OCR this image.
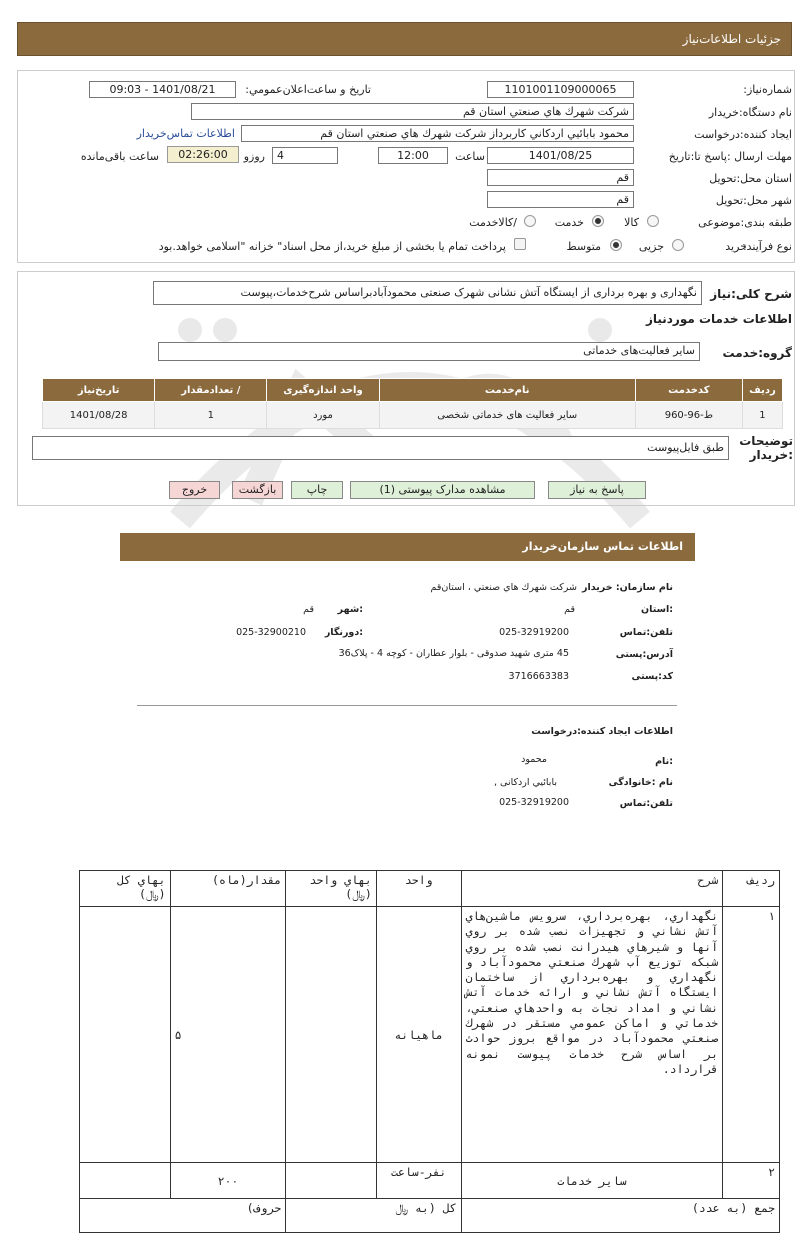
جزئيات اطلاعات‌نياز
شماره‌نیاز:
1101001109000065
تاريخ و ساعت‌اعلان‌عمومي:
1401/08/21 - 09:03
نام دستگاه:خریدار
شركت شهرك هاي صنعتي استان قم
ایجاد کننده:درخواست
محمود بابائيي اردكاني كاربرداز شركت شهرك هاي صنعتي استان قم
اطلاعات تماس‌خریدار
مهلت ارسال :پاسخ تا:تاريخ
1401/08/25
ساعت
12:00
4
روزو
02:26:00
ساعت باقی‌مانده
استان محل:تحویل
قم
شهر محل:تحويل
قم
طبقه بندی:موضوعی
کالا
خدمت
/کالاخدمت
نوع فرآیند:
خريد
جزیی
متوسط
پرداخت تمام یا بخشی از مبلغ خرید،از محل اسناد" خزانه "اسلامی خواهد.بود
شرح کلی:نیاز
نگهداری و بهره برداری از ايستگاه آتش نشانی شهرک صنعتی محمودآبادبراساس شرح‌خدمات،پیوست
اطلاعات خدمات موردنیاز
گروه:خدمت
سایر فعالیت‌های خدماتی
ردیف	کدخدمت	نام‌خدمت	واحد اندازه‌گیری	/ تعدادمقدار	تاريخ‌نياز
1	ط-96-960	سایر فعالیت های خدماتی شخصی	مورد	1	1401/08/28
توضیحات :خریدار
طبق فایل‌پیوست
پاسخ به نیاز
مشاهده مدارک پیوستی (1)
چاپ
بازگشت
خروج
اطلاعات تماس سازمان‌خریدار
نام سازمان: خریدار
شركت شهرك هاي صنعتي ، استان‌قم
:استان
قم
:شهر
قم
تلفن:تماس
025-32919200
:دورنگار
025-32900210
آدرس:پستی
45 متری شهيد صدوقی - بلوار عطاران - کوچه 4 - پلاک36
کد:پستی
3716663383
اطلاعات ایجاد کننده:درخواست
:نام
محمود
نام :خانوادگی
بابائيي اردکانی ,
تلفن:تماس
025-32919200
رديف	شرح	واحد	بهاي واحد (﷼)	مقدار(ماه)	بهاي كل (﷼)
١	نگهداري، بهره‌برداري، سرويس ماشين‌هاي آتش نشاني و تجهيزات نصب شده بر روي آنها و شيرهاي هيدرانت نصب شده بر روي شبكه توزيع آب شهرك صنعتي محمودآباد و نگهداري و بهره‌برداري از ساختمان ايستگاه آتش نشاني و ارائه خدمات آتش نشاني و امداد نجات به واحدهاي صنعتي، خدماتي و اماكن عمومي مستقر در شهرك صنعتي محمودآباد در مواقع بروز حوادث بر اساس شرح خدمات پيوست نمونه قرارداد.	ماهيانه		۵	
٢	ساير خدمات	نفر-ساعت		۲۰۰	
جمع (به عدد)		كل (به ﷼		حروف)	
